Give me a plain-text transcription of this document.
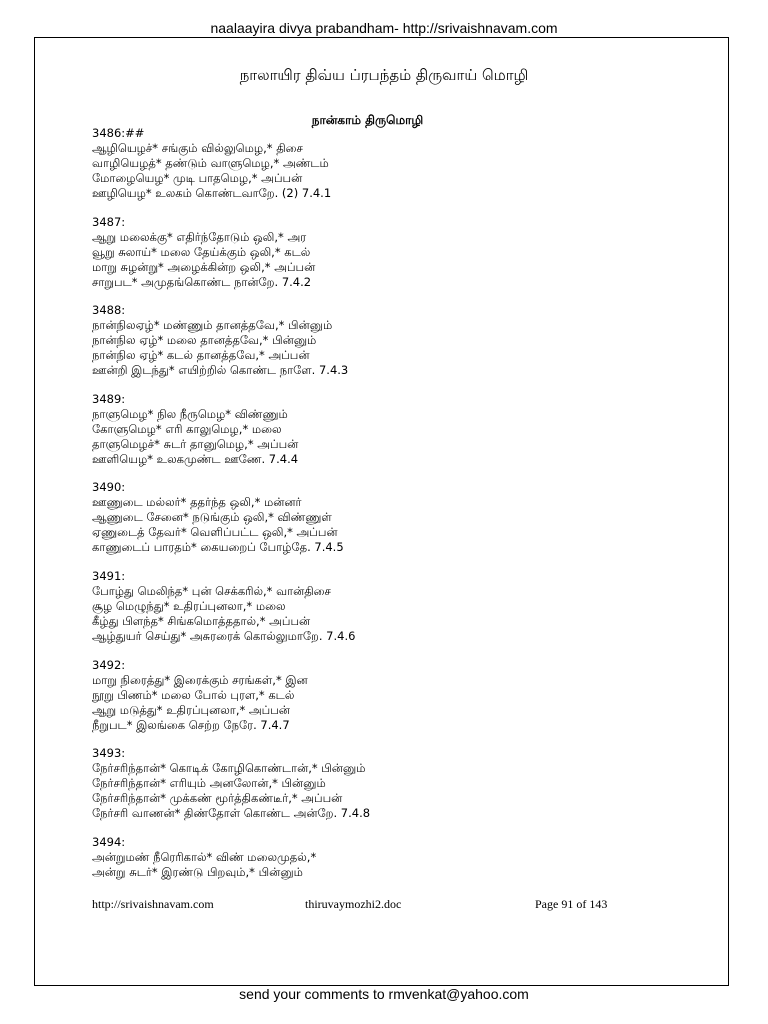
naalaayira divya prabandham- http://srivaishnavam.com
நாலாயிர திவ்ய ப்ரபந்தம் திருவாய் மொழி
நான்காம் திருமொழி
3486:##
ஆழியெழச்* சங்கும் வில்லுமெழ,* திசை
வாழியெழத்* தண்டும் வாளுமெழ,* அண்டம்
மோழையெழ* முடி பாதமெழ,* அப்பன்
ஊழியெழ* உலகம் கொண்டவாறே. (2) 7.4.1
3487:
ஆறு மலைக்கு* எதிர்ந்தோடும் ஒலி,* அர
வூறு சுலாய்* மலை தேய்க்கும் ஒலி,* கடல்
மாறு சுழன்று* அழைக்கின்ற ஒலி,* அப்பன்
சாறுபட* அமுதங்கொண்ட நான்றே. 7.4.2
3488:
நான்நிலஏழ்* மண்ணும் தானத்தவே,* பின்னும்
நான்நில ஏழ்* மலை தானத்தவே,* பின்னும்
நான்நில ஏழ்* கடல் தானத்தவே,* அப்பன்
ஊன்றி இடந்து* எயிற்றில் கொண்ட நாளே. 7.4.3
3489:
நாளுமெழ* நில நீருமெழ* விண்ணும்
கோளுமெழ* எரி காலுமெழ,* மலை
தாளுமெழச்* சுடர் தானுமெழ,* அப்பன்
ஊளியெழ* உலகமுண்ட ஊணே. 7.4.4
3490:
ஊணுடை மல்லர்* ததர்ந்த ஒலி,* மன்னர்
ஆணுடை சேனை* நடுங்கும் ஒலி,* விண்ணுள்
ஏணுடைத் தேவர்* வெளிப்பட்ட ஒலி,* அப்பன்
காணுடைப் பாரதம்* கையறைப் போழ்தே. 7.4.5
3491:
போழ்து மெலிந்த* புன் செக்கரில்,* வான்திசை
சூழ மெழுந்து* உதிரப்புனலா,* மலை
கீழ்து பிளந்த* சிங்கமொத்ததால்,* அப்பன்
ஆழ்துயர் செய்து* அசுரரைக் கொல்லுமாறே. 7.4.6
3492:
மாறு நிரைத்து* இரைக்கும் சரங்கள்,* இன
நூறு பிணம்* மலை போல் புரள,* கடல்
ஆறு மடுத்து* உதிரப்புனலா,* அப்பன்
நீறுபட* இலங்கை செற்ற நேரே. 7.4.7
3493:
நேர்சரிந்தான்* கொடிக் கோழிகொண்டான்,* பின்னும்
நேர்சரிந்தான்* எரியும் அனலோன்,* பின்னும்
நேர்சரிந்தான்* முக்கண் மூர்த்திகண்டீர்,* அப்பன்
நேர்சரி வாணன்* திண்தோள் கொண்ட அன்றே. 7.4.8
3494:
அன்றுமண் நீரெரிகால்* விண் மலைமுதல்,*
அன்று சுடர்* இரண்டு பிறவும்,* பின்னும்
http://srivaishnavam.com	thiruvaymozhi2.doc	Page 91 of 143
send your comments to rmvenkat@yahoo.com
